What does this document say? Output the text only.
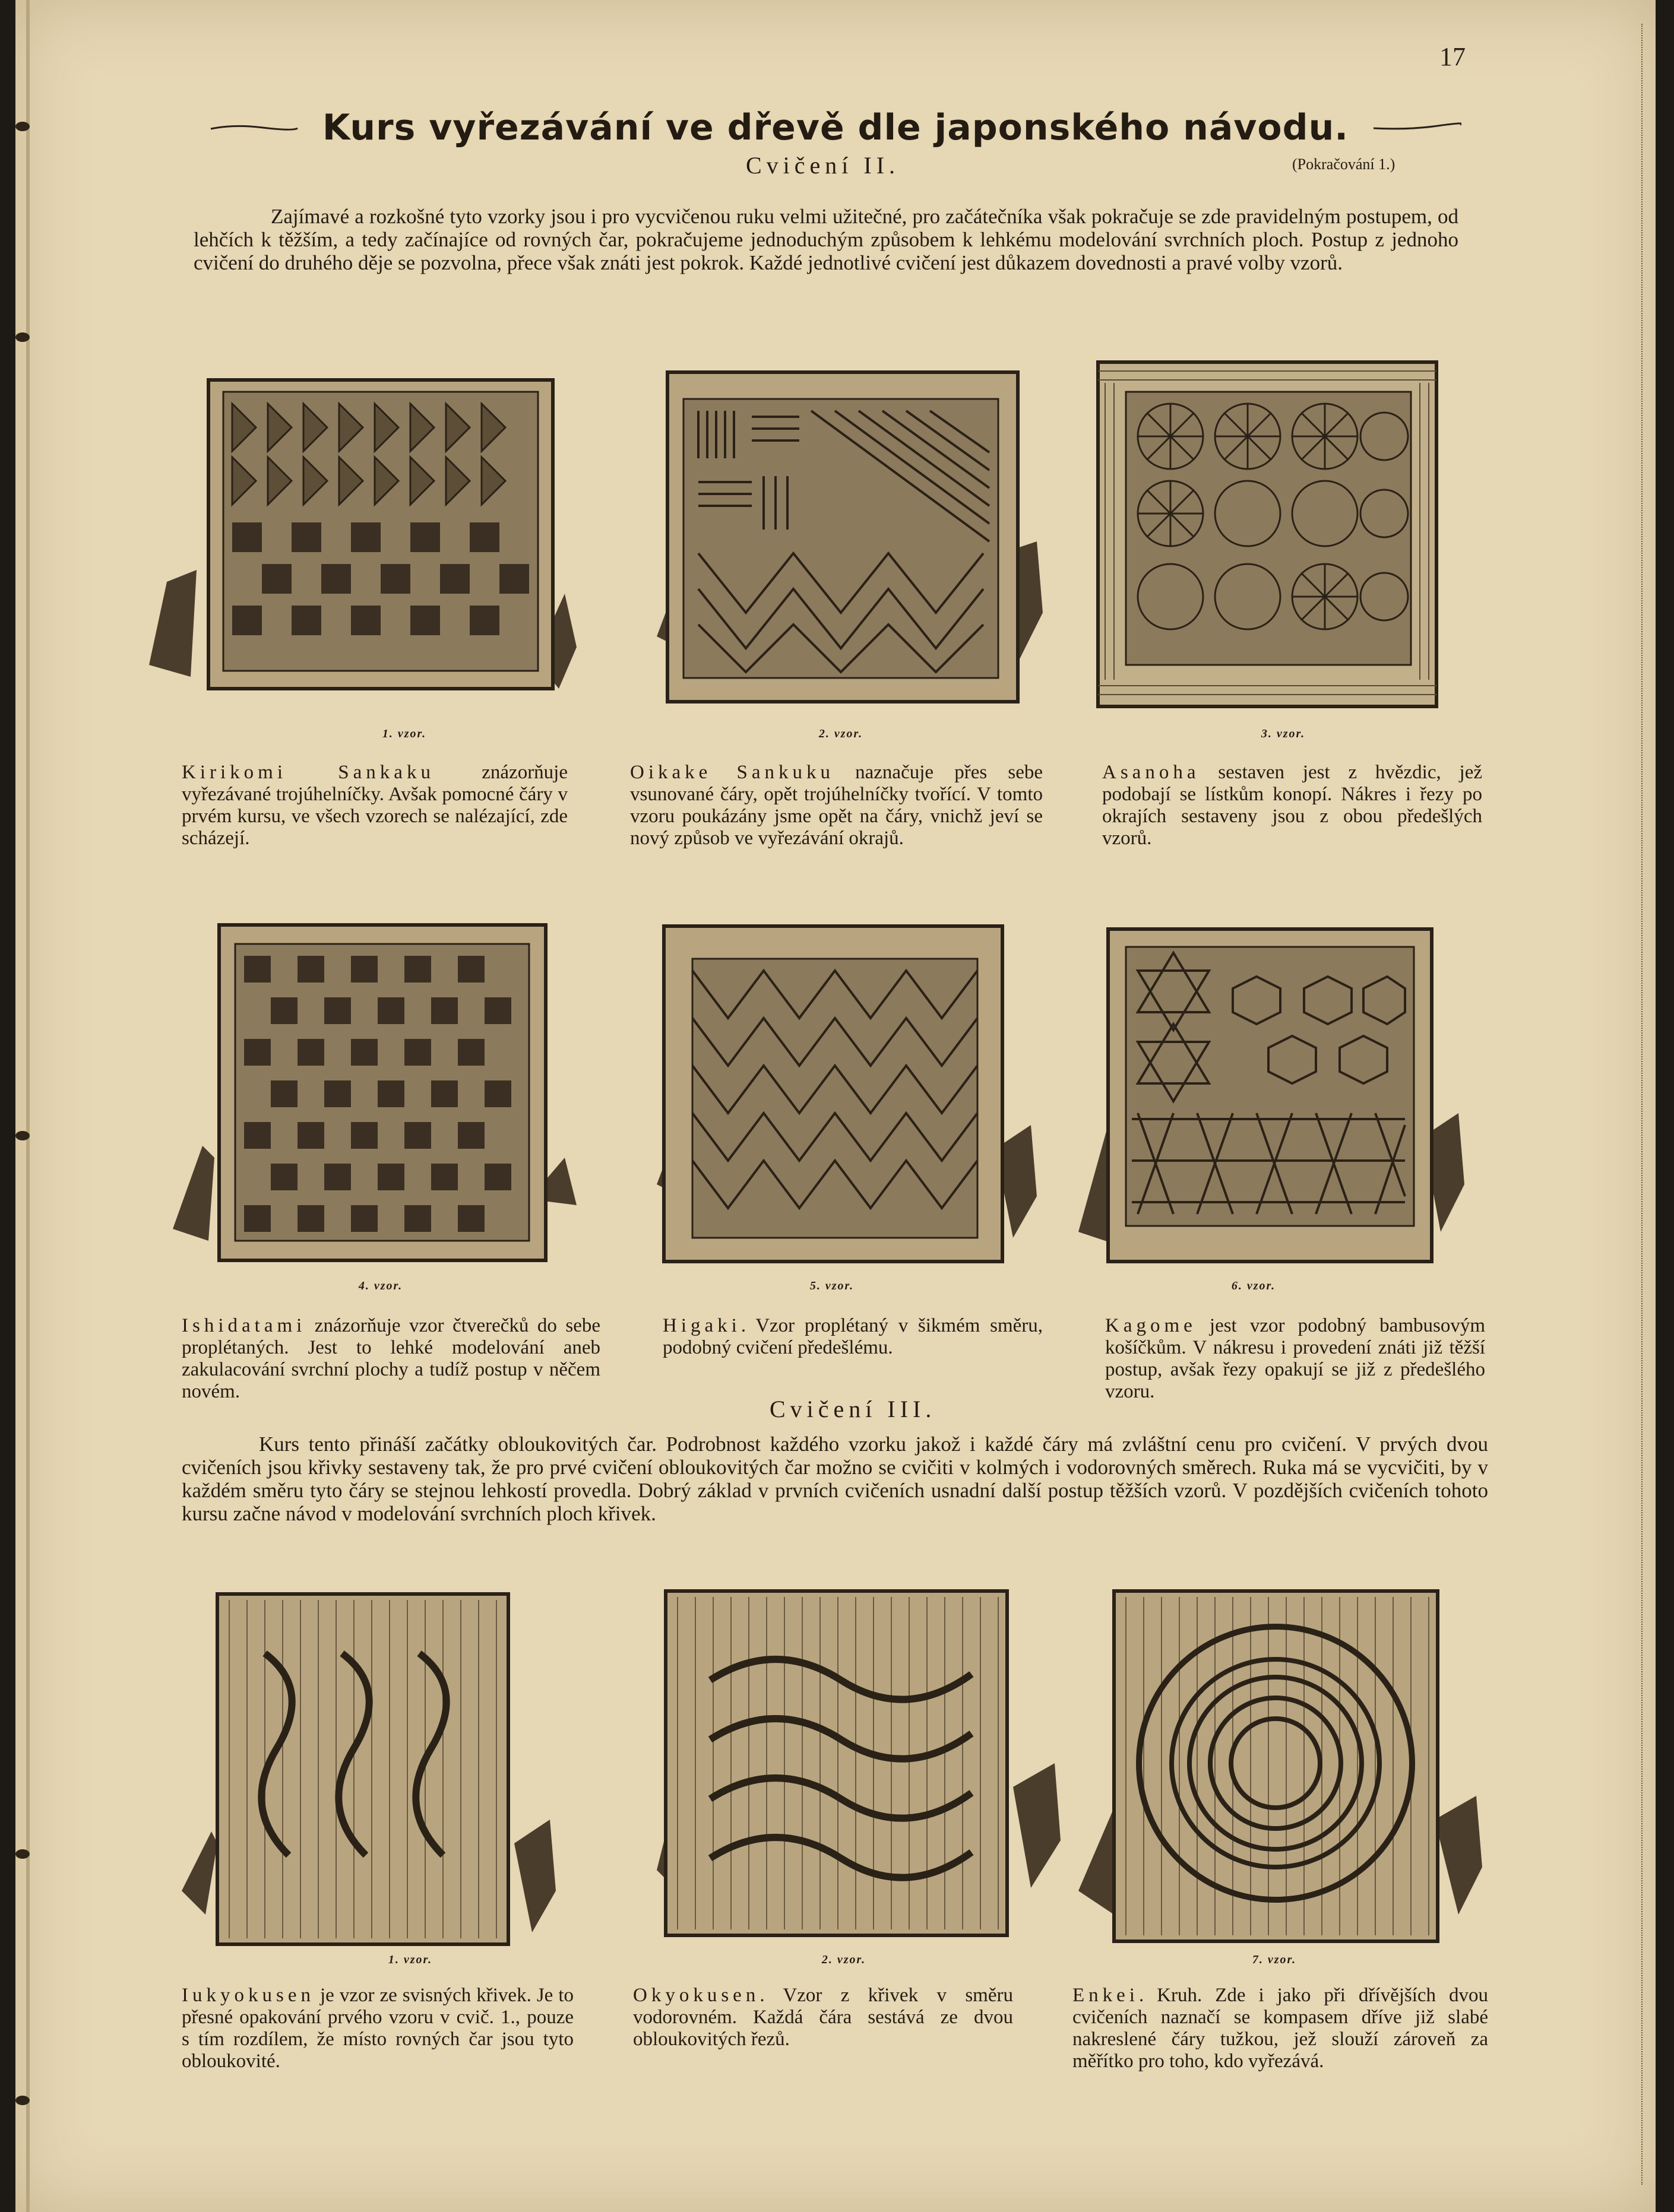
17
Kurs vyřezávání ve dřevě dle japonského návodu.
Cvičení II.	(Pokračování 1.)

Zajímavé a rozkošné tyto vzorky jsou i pro vycvičenou ruku velmi užitečné, pro začátečníka však pokračuje se zde pravidelným postupem, od lehčích k těžším, a tedy začínajíce od rovných čar, pokračujeme jednoduchým způsobem k lehkému modelování svrchních ploch. Postup z jednoho cvičení do druhého děje se pozvolna, přece však znáti jest pokrok. Každé jednotlivé cvičení jest důkazem dovednosti a pravé volby vzorů.

1. vzor.	2. vzor.	3. vzor.

Kirikomi Sankaku znázorňuje vyřezávané trojúhelníčky. Avšak pomocné čáry v prvém kursu, ve všech vzorech se nalézající, zde scházejí.

Oikake Sankuku naznačuje přes sebe vsunované čáry, opět trojúhelníčky tvořící. V tomto vzoru poukázány jsme opět na čáry, vnichž jeví se nový způsob ve vyřezávání okrajů.

Asanoha sestaven jest z hvězdic, jež podobají se lístkům konopí. Nákres i řezy po okrajích sestaveny jsou z obou předešlých vzorů.

4. vzor.	5. vzor.	6. vzor.

Ishidatami znázorňuje vzor čtverečků do sebe proplétaných. Jest to lehké modelování aneb zakulacování svrchní plochy a tudíž postup v něčem novém.

Higaki. Vzor proplétaný v šikmém směru, podobný cvičení předešlému.

Kagome jest vzor podobný bambusovým košíčkům. V nákresu i provedení znáti již těžší postup, avšak řezy opakují se již z předešlého vzoru.

Cvičení III.

Kurs tento přináší začátky obloukovitých čar. Podrobnost každého vzorku jakož i každé čáry má zvláštní cenu pro cvičení. V prvých dvou cvičeních jsou křivky sestaveny tak, že pro prvé cvičení obloukovitých čar možno se cvičiti v kolmých i vodorovných směrech. Ruka má se vycvičiti, by v každém směru tyto čáry se stejnou lehkostí provedla. Dobrý základ v prvních cvičeních usnadní další postup těžších vzorů. V pozdějších cvičeních tohoto kursu začne návod v modelování svrchních ploch křivek.

1. vzor.	2. vzor.	7. vzor.

Iukyokusen je vzor ze svisných křivek. Je to přesné opakování prvého vzoru v cvič. 1., pouze s tím rozdílem, že místo rovných čar jsou tyto obloukovité.

Okyokusen. Vzor z křivek v směru vodorovném. Každá čára sestává ze dvou obloukovitých řezů.

Enkei. Kruh. Zde i jako při dřívějších dvou cvičeních naznačí se kompasem dříve již slabé nakreslené čáry tužkou, jež slouží zároveň za měřítko pro toho, kdo vyřezává.
